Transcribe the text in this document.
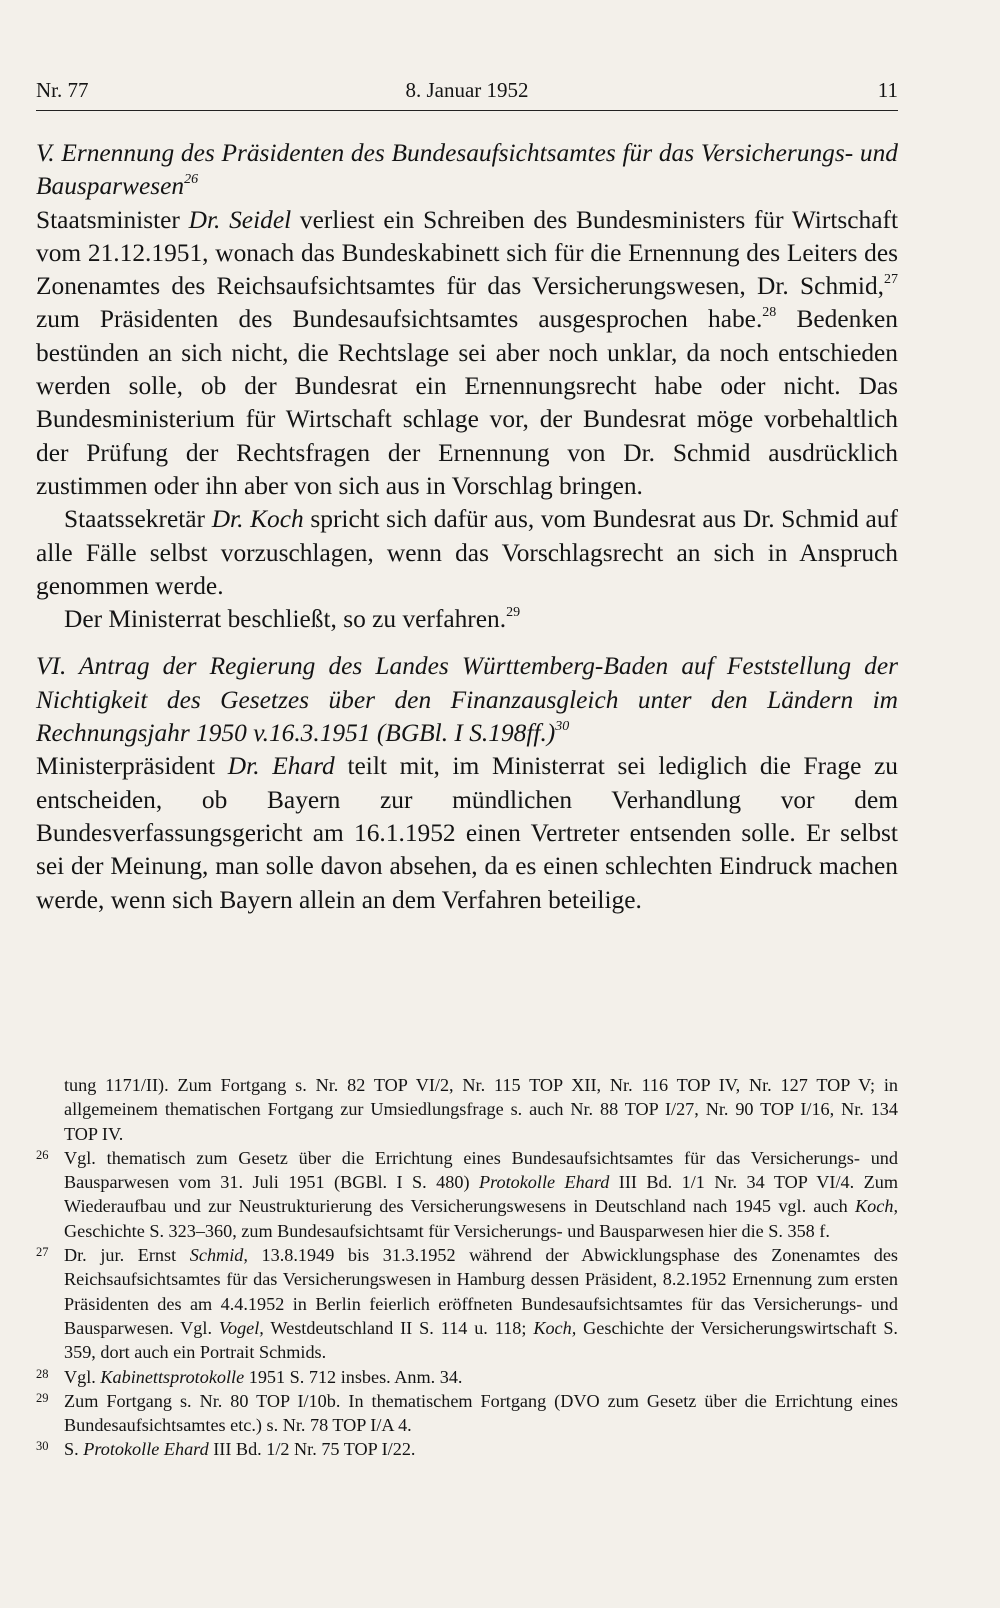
Nr. 77	8. Januar 1952	11

V. Ernennung des Präsidenten des Bundesaufsichtsamtes für das Versicherungs- und Bausparwesen$^{26}$

Staatsminister Dr. Seidel verliest ein Schreiben des Bundesministers für Wirtschaft vom 21.12.1951, wonach das Bundeskabinett sich für die Ernennung des Leiters des Zonenamtes des Reichsaufsichtsamtes für das Versicherungswesen, Dr. Schmid,$^{27}$ zum Präsidenten des Bundesaufsichtsamtes ausgesprochen habe.$^{28}$ Bedenken bestünden an sich nicht, die Rechtslage sei aber noch unklar, da noch entschieden werden solle, ob der Bundesrat ein Ernennungsrecht habe oder nicht. Das Bundesministerium für Wirtschaft schlage vor, der Bundesrat möge vorbehaltlich der Prüfung der Rechtsfragen der Ernennung von Dr. Schmid ausdrücklich zustimmen oder ihn aber von sich aus in Vorschlag bringen.

Staatssekretär Dr. Koch spricht sich dafür aus, vom Bundesrat aus Dr. Schmid auf alle Fälle selbst vorzuschlagen, wenn das Vorschlagsrecht an sich in Anspruch genommen werde.

Der Ministerrat beschließt, so zu verfahren.$^{29}$

VI. Antrag der Regierung des Landes Württemberg-Baden auf Feststellung der Nichtigkeit des Gesetzes über den Finanzausgleich unter den Ländern im Rechnungsjahr 1950 v.16.3.1951 (BGBl. I S.198ff.)$^{30}$

Ministerpräsident Dr. Ehard teilt mit, im Ministerrat sei lediglich die Frage zu entscheiden, ob Bayern zur mündlichen Verhandlung vor dem Bundesverfassungsgericht am 16.1.1952 einen Vertreter entsenden solle. Er selbst sei der Meinung, man solle davon absehen, da es einen schlechten Eindruck machen werde, wenn sich Bayern allein an dem Verfahren beteilige.

tung 1171/II). Zum Fortgang s. Nr. 82 TOP VI/2, Nr. 115 TOP XII, Nr. 116 TOP IV, Nr. 127 TOP V; in allgemeinem thematischen Fortgang zur Umsiedlungsfrage s. auch Nr. 88 TOP I/27, Nr. 90 TOP I/16, Nr. 134 TOP IV.

26 Vgl. thematisch zum Gesetz über die Errichtung eines Bundesaufsichtsamtes für das Versicherungs- und Bausparwesen vom 31. Juli 1951 (BGBl. I S. 480) Protokolle Ehard III Bd. 1/1 Nr. 34 TOP VI/4. Zum Wiederaufbau und zur Neustrukturierung des Versicherungswesens in Deutschland nach 1945 vgl. auch Koch, Geschichte S. 323–360, zum Bundesaufsichtsamt für Versicherungs- und Bausparwesen hier die S. 358 f.

27 Dr. jur. Ernst Schmid, 13.8.1949 bis 31.3.1952 während der Abwicklungsphase des Zonenamtes des Reichsaufsichtsamtes für das Versicherungswesen in Hamburg dessen Präsident, 8.2.1952 Ernennung zum ersten Präsidenten des am 4.4.1952 in Berlin feierlich eröffneten Bundesaufsichtsamtes für das Versicherungs- und Bausparwesen. Vgl. Vogel, Westdeutschland II S. 114 u. 118; Koch, Geschichte der Versicherungswirtschaft S. 359, dort auch ein Portrait Schmids.

28 Vgl. Kabinettsprotokolle 1951 S. 712 insbes. Anm. 34.

29 Zum Fortgang s. Nr. 80 TOP I/10b. In thematischem Fortgang (DVO zum Gesetz über die Errichtung eines Bundesaufsichtsamtes etc.) s. Nr. 78 TOP I/A 4.

30 S. Protokolle Ehard III Bd. 1/2 Nr. 75 TOP I/22.
